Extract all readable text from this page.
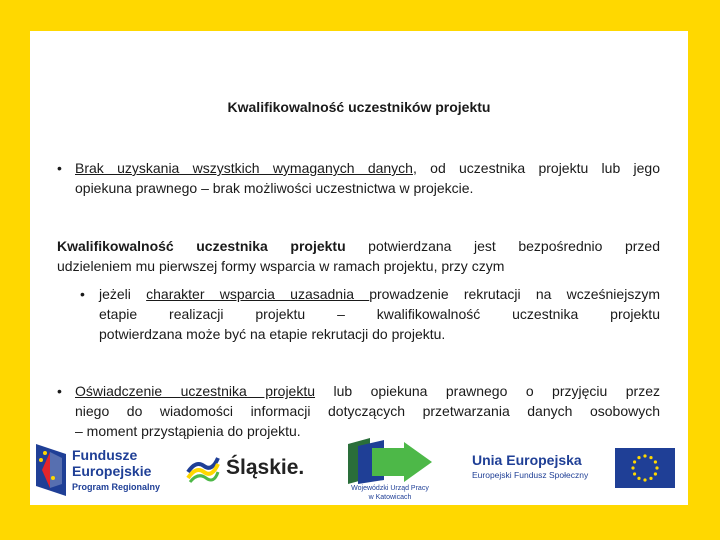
Kwalifikowalność uczestników projektu
• Brak uzyskania wszystkich wymaganych danych, od uczestnika projektu lub jego
opiekuna prawnego – brak możliwości uczestnictwa w projekcie.
Kwalifikowalność uczestnika projektu potwierdzana jest bezpośrednio przed
udzieleniem mu pierwszej formy wsparcia w ramach projektu, przy czym
• jeżeli charakter wsparcia uzasadnia prowadzenie rekrutacji na wcześniejszym
etapie realizacji projektu – kwalifikowalność uczestnika projektu
potwierdzana może być na etapie rekrutacji do projektu.
• Oświadczenie uczestnika projektu lub opiekuna prawnego o przyjęciu przez
niego do wiadomości informacji dotyczących przetwarzania danych osobowych
– moment przystąpienia do projektu.
Fundusze
Europejskie
Program Regionalny
Śląskie.
Wojewódzki Urząd Pracy
w Katowicach
Unia Europejska
Europejski Fundusz Społeczny
